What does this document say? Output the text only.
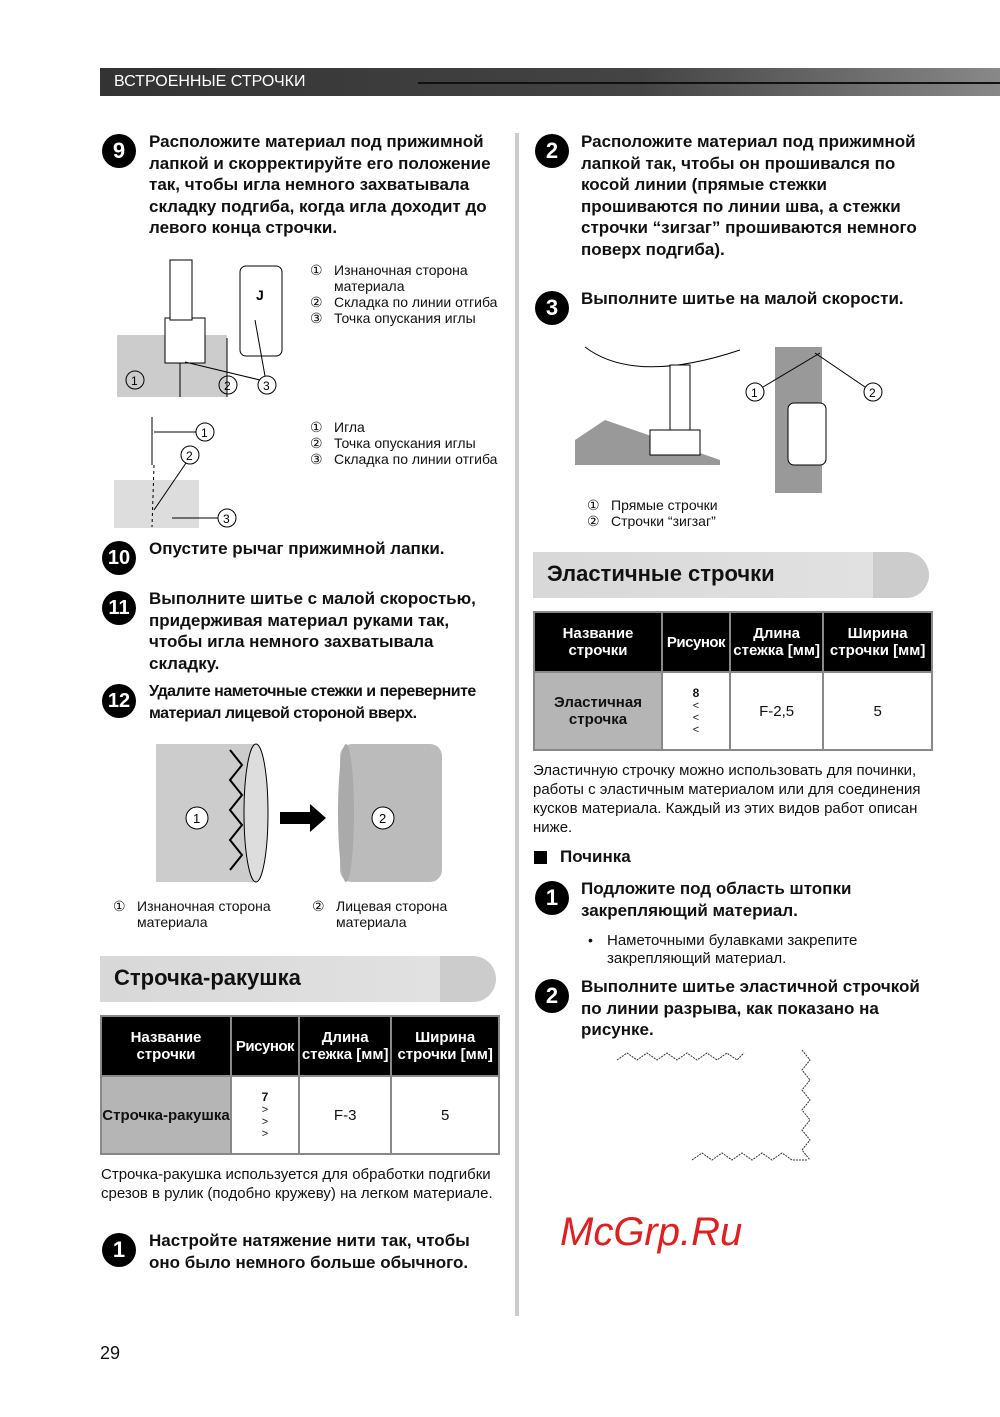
ВСТРОЕННЫЕ СТРОЧКИ
9	Расположите материал под прижимной лапкой и скорректируйте его положение так, чтобы игла немного захватывала складку подгиба, когда игла доходит до левого конца строчки.
J
1	2	3
① Изнаночная сторона материала
② Складка по линии отгиба
③ Точка опускания иглы
1
2
3
① Игла
② Точка опускания иглы
③ Складка по линии отгиба
10	Опустите рычаг прижимной лапки.
11	Выполните шитье с малой скоростью, придерживая материал руками так, чтобы игла немного захватывала складку.
12	Удалите наметочные стежки и переверните материал лицевой стороной вверх.
1	2
① Изнаночная сторона материала
② Лицевая сторона материала
Строчка-ракушка
Название строчки	Рисунок	Длина стежка [мм]	Ширина строчки [мм]
Строчка-ракушка	7
>
>
>	F-3	5
Строчка-ракушка используется для обработки подгибки срезов в рулик (подобно кружеву) на легком материале.
1	Настройте натяжение нити так, чтобы оно было немного больше обычного.
2	Расположите материал под прижимной лапкой так, чтобы он прошивался по косой линии (прямые стежки прошиваются по линии шва, а стежки строчки “зигзаг” прошиваются немного поверх подгиба).
3	Выполните шитье на малой скорости.
1	2
① Прямые строчки
② Строчки “зигзаг”
Эластичные строчки
Название строчки	Рисунок	Длина стежка [мм]	Ширина строчки [мм]
Эластичная строчка	8
<
<
<	F-2,5	5
Эластичную строчку можно использовать для починки, работы с эластичным материалом или для соединения кусков материала. Каждый из этих видов работ описан ниже.
Починка
1	Подложите под область штопки закрепляющий материал.
• Наметочными булавками закрепите закрепляющий материал.
2	Выполните шитье эластичной строчкой по линии разрыва, как показано на рисунке.
29
McGrp.Ru
